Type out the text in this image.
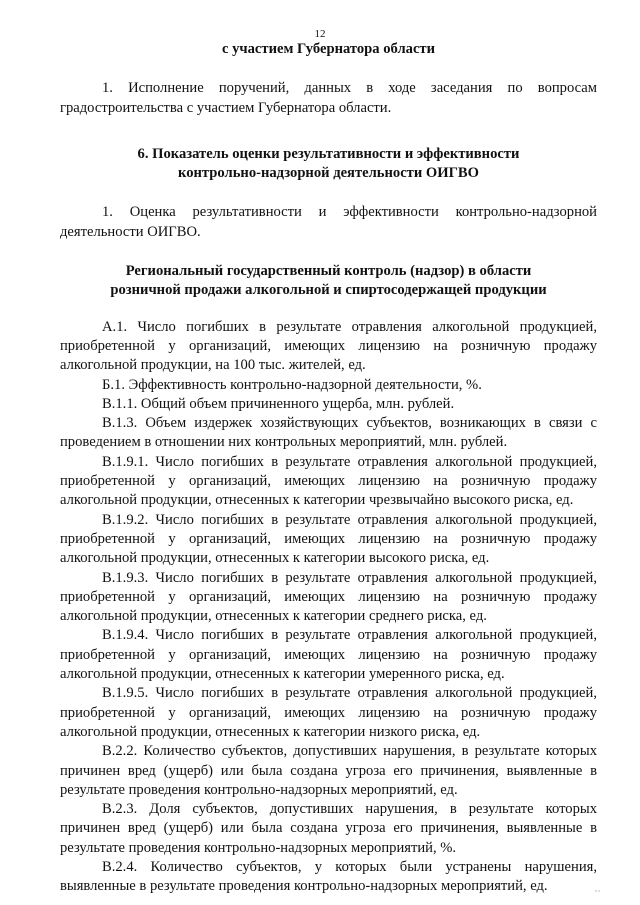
12

с участием Губернатора области

1. Исполнение поручений, данных в ходе заседания по вопросам градостроительства с участием Губернатора области.

6. Показатель оценки результативности и эффективности
контрольно-надзорной деятельности ОИГВО

1. Оценка результативности и эффективности контрольно-надзорной деятельности ОИГВО.

Региональный государственный контроль (надзор) в области
розничной продажи алкогольной и спиртосодержащей продукции

А.1. Число погибших в результате отравления алкогольной продукцией, приобретенной у организаций, имеющих лицензию на розничную продажу алкогольной продукции, на 100 тыс. жителей, ед.

Б.1. Эффективность контрольно-надзорной деятельности, %.

В.1.1. Общий объем причиненного ущерба, млн. рублей.

В.1.3. Объем издержек хозяйствующих субъектов, возникающих в связи с проведением в отношении них контрольных мероприятий, млн. рублей.

В.1.9.1. Число погибших в результате отравления алкогольной продукцией, приобретенной у организаций, имеющих лицензию на розничную продажу алкогольной продукции, отнесенных к категории чрезвычайно высокого риска, ед.

В.1.9.2. Число погибших в результате отравления алкогольной продукцией, приобретенной у организаций, имеющих лицензию на розничную продажу алкогольной продукции, отнесенных к категории высокого риска, ед.

В.1.9.3. Число погибших в результате отравления алкогольной продукцией, приобретенной у организаций, имеющих лицензию на розничную продажу алкогольной продукции, отнесенных к категории среднего риска, ед.

В.1.9.4. Число погибших в результате отравления алкогольной продукцией, приобретенной у организаций, имеющих лицензию на розничную продажу алкогольной продукции, отнесенных к категории умеренного риска, ед.

В.1.9.5. Число погибших в результате отравления алкогольной продукцией, приобретенной у организаций, имеющих лицензию на розничную продажу алкогольной продукции, отнесенных к категории низкого риска, ед.

В.2.2. Количество субъектов, допустивших нарушения, в результате которых причинен вред (ущерб) или была создана угроза его причинения, выявленные в результате проведения контрольно-надзорных мероприятий, ед.

В.2.3. Доля субъектов, допустивших нарушения, в результате которых причинен вред (ущерб) или была создана угроза его причинения, выявленные в результате проведения контрольно-надзорных мероприятий, %.

В.2.4. Количество субъектов, у которых были устранены нарушения, выявленные в результате проведения контрольно-надзорных мероприятий, ед.	" "
